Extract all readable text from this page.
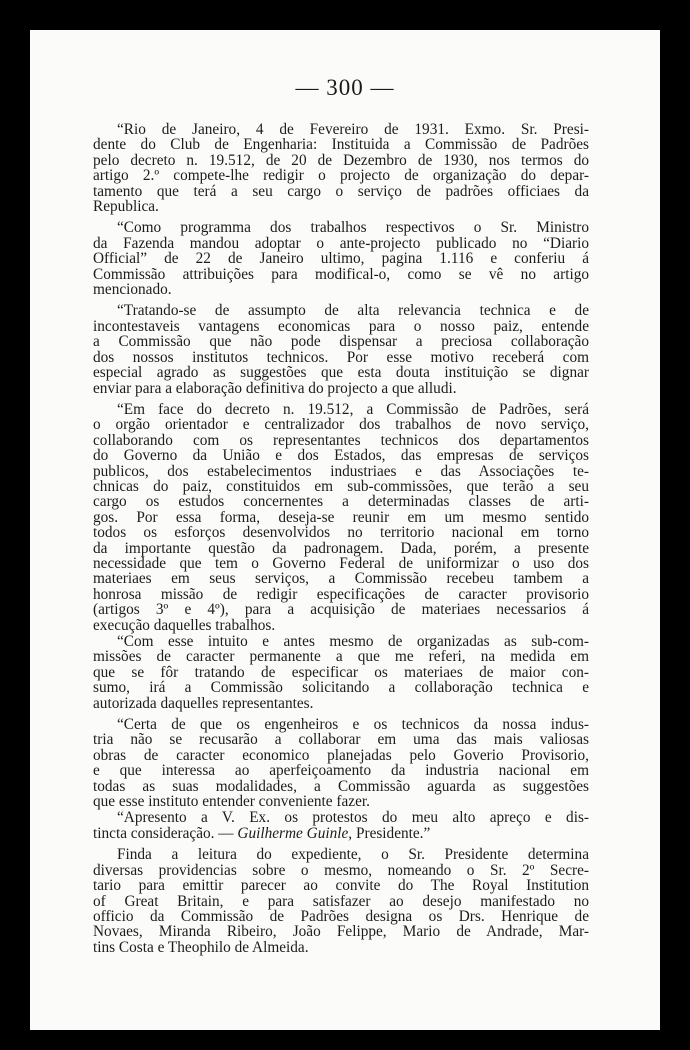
— 300 —

“Rio de Janeiro, 4 de Fevereiro de 1931. Exmo. Sr. Presi-
dente do Club de Engenharia: Instituida a Commissão de Padrões
pelo decreto n. 19.512, de 20 de Dezembro de 1930, nos termos do
artigo 2.º compete-lhe redigir o projecto de organização do depar-
tamento que terá a seu cargo o serviço de padrões officiaes da
Republica.

“Como programma dos trabalhos respectivos o Sr. Ministro
da Fazenda mandou adoptar o ante-projecto publicado no “Diario
Official” de 22 de Janeiro ultimo, pagina 1.116 e conferiu á
Commissão attribuições para modifical-o, como se vê no artigo
mencionado.

“Tratando-se de assumpto de alta relevancia technica e de
incontestaveis vantagens economicas para o nosso paiz, entende
a Commissão que não pode dispensar a preciosa collaboração
dos nossos institutos technicos. Por esse motivo receberá com
especial agrado as suggestões que esta douta instituição se dignar
enviar para a elaboração definitiva do projecto a que alludi.

“Em face do decreto n. 19.512, a Commissão de Padrões, será
o orgão orientador e centralizador dos trabalhos de novo serviço,
collaborando com os representantes technicos dos departamentos
do Governo da União e dos Estados, das empresas de serviços
publicos, dos estabelecimentos industriaes e das Associações te-
chnicas do paiz, constituidos em sub-commissões, que terão a seu
cargo os estudos concernentes a determinadas classes de arti-
gos. Por essa forma, deseja-se reunir em um mesmo sentido
todos os esforços desenvolvidos no territorio nacional em torno
da importante questão da padronagem. Dada, porém, a presente
necessidade que tem o Governo Federal de uniformizar o uso dos
materiaes em seus serviços, a Commissão recebeu tambem a
honrosa missão de redigir especificações de caracter provisorio
(artigos 3º e 4º), para a acquisição de materiaes necessarios á
execução daquelles trabalhos.

“Com esse intuito e antes mesmo de organizadas as sub-com-
missões de caracter permanente a que me referi, na medida em
que se fôr tratando de especificar os materiaes de maior con-
sumo, irá a Commissão solicitando a collaboração technica e
autorizada daquelles representantes.

“Certa de que os engenheiros e os technicos da nossa indus-
tria não se recusarão a collaborar em uma das mais valiosas
obras de caracter economico planejadas pelo Goverio Provisorio,
e que interessa ao aperfeiçoamento da industria nacional em
todas as suas modalidades, a Commissão aguarda as suggestões
que esse instituto entender conveniente fazer.

“Apresento a V. Ex. os protestos do meu alto apreço e dis-
tincta consideração. — Guilherme Guinle, Presidente.”

Finda a leitura do expediente, o Sr. Presidente determina
diversas providencias sobre o mesmo, nomeando o Sr. 2º Secre-
tario para emittir parecer ao convite do The Royal Institution
of Great Britain, e para satisfazer ao desejo manifestado no
officio da Commissão de Padrões designa os Drs. Henrique de
Novaes, Miranda Ribeiro, João Felippe, Mario de Andrade, Mar-
tins Costa e Theophilo de Almeida.
